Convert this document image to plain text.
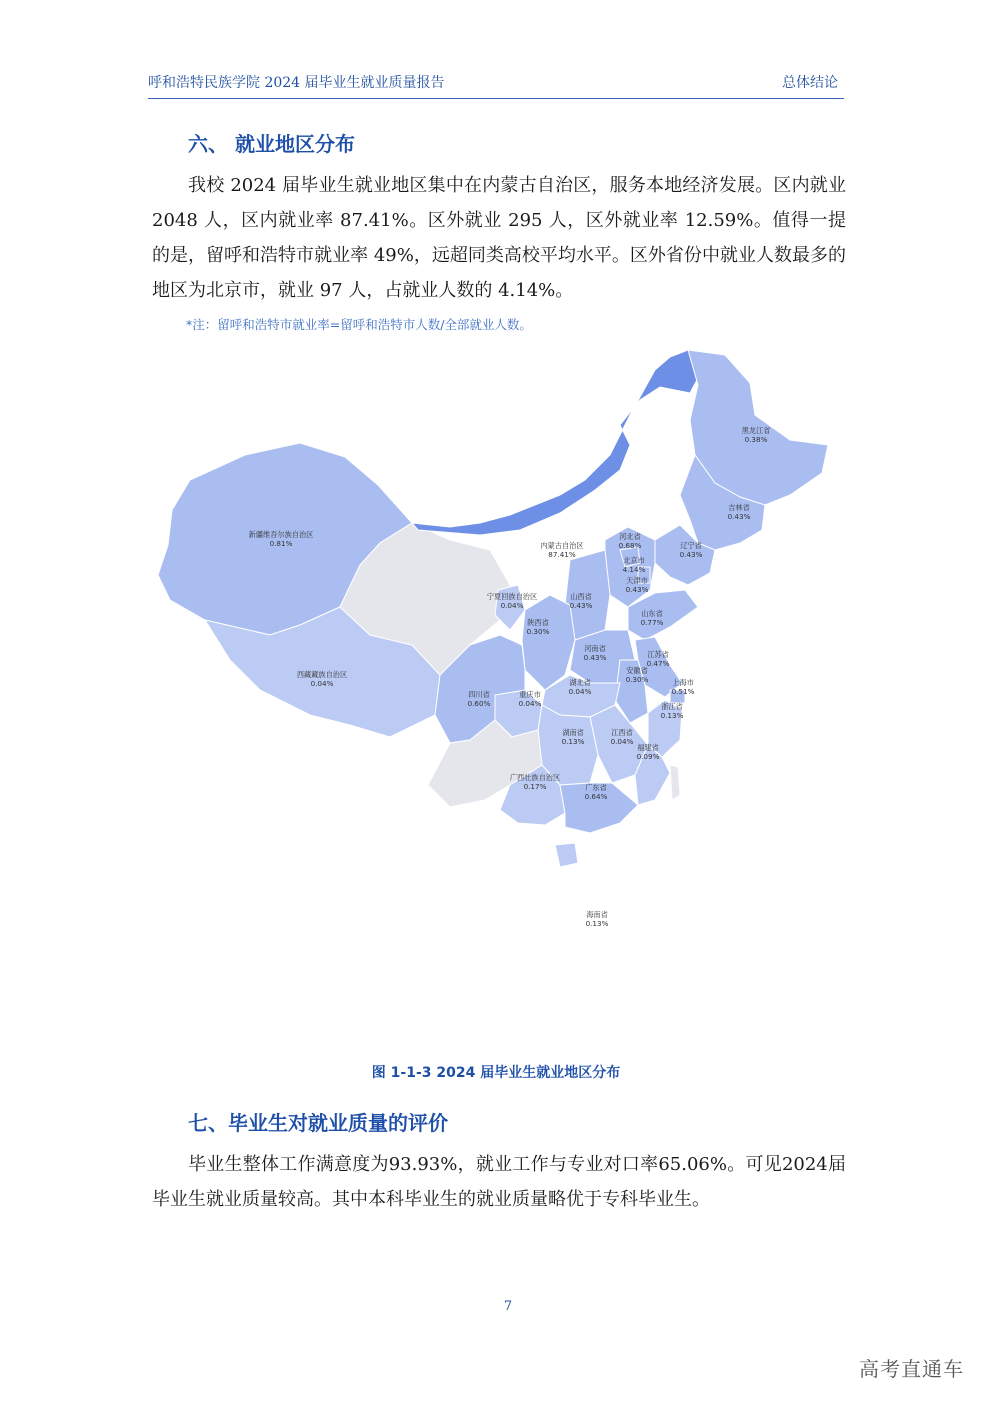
呼和浩特民族学院 2024 届毕业生就业质量报告	总体结论
六、 就业地区分布

我校 2024 届毕业生就业地区集中在内蒙古自治区，服务本地经济发展。区内就业 2048 人，区内就业率 87.41%。区外就业 295 人，区外就业率 12.59%。值得一提的是，留呼和浩特市就业率 49%，远超同类高校平均水平。区外省份中就业人数最多的地区为北京市，就业 97 人，占就业人数的 4.14%。

*注：留呼和浩特市就业率=留呼和浩特市人数/全部就业人数。
内蒙古自治区
87.41%
北京市
4.14%
新疆维吾尔族自治区
0.81%
山东省
0.77%
河北省
0.68%
广东省
0.64%
四川省
0.60%
上海市
0.51%
江苏省
0.47%
吉林省
0.43%
辽宁省
0.43%
天津市
0.43%
山西省
0.43%
河南省
0.43%
黑龙江省
0.38%
陕西省
0.30%
安徽省
0.30%
广西壮族自治区
0.17%
湖南省
0.13%
浙江省
0.13%
海南省
0.13%
福建省
0.09%
宁夏回族自治区
0.04%
西藏藏族自治区
0.04%	湖北省
0.04%
重庆市
0.04%
江西省
0.04%
图 1-1-3 2024 届毕业生就业地区分布
七、毕业生对就业质量的评价

毕业生整体工作满意度为93.93%，就业工作与专业对口率65.06%。可见2024届毕业生就业质量较高。其中本科毕业生的就业质量略优于专科毕业生。

7
高考直通车
